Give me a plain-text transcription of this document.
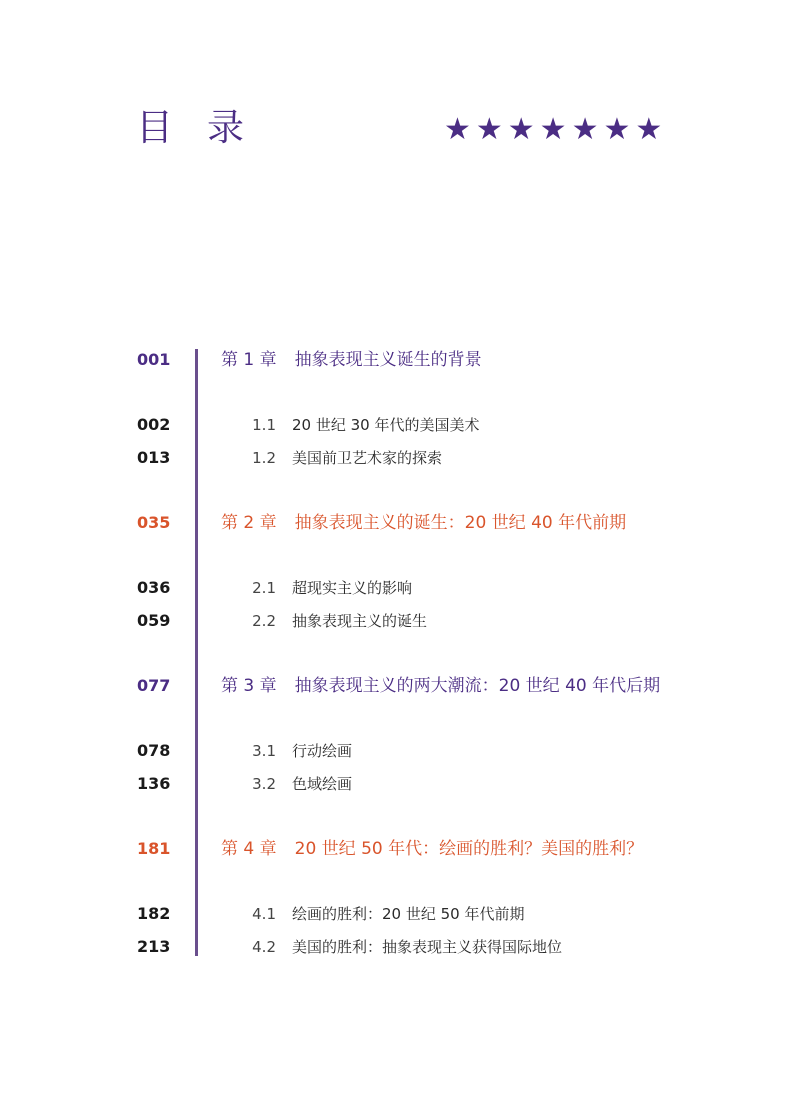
目录	★★★★★★★
001	第 1 章 抽象表现主义诞生的背景
002	1.1 20 世纪 30 年代的美国美术
013	1.2 美国前卫艺术家的探索
035	第 2 章 抽象表现主义的诞生：20 世纪 40 年代前期
036	2.1 超现实主义的影响
059	2.2 抽象表现主义的诞生
077	第 3 章 抽象表现主义的两大潮流：20 世纪 40 年代后期
078	3.1 行动绘画
136	3.2 色域绘画
181	第 4 章 20 世纪 50 年代：绘画的胜利？美国的胜利？
182	4.1 绘画的胜利：20 世纪 50 年代前期
213	4.2 美国的胜利：抽象表现主义获得国际地位
